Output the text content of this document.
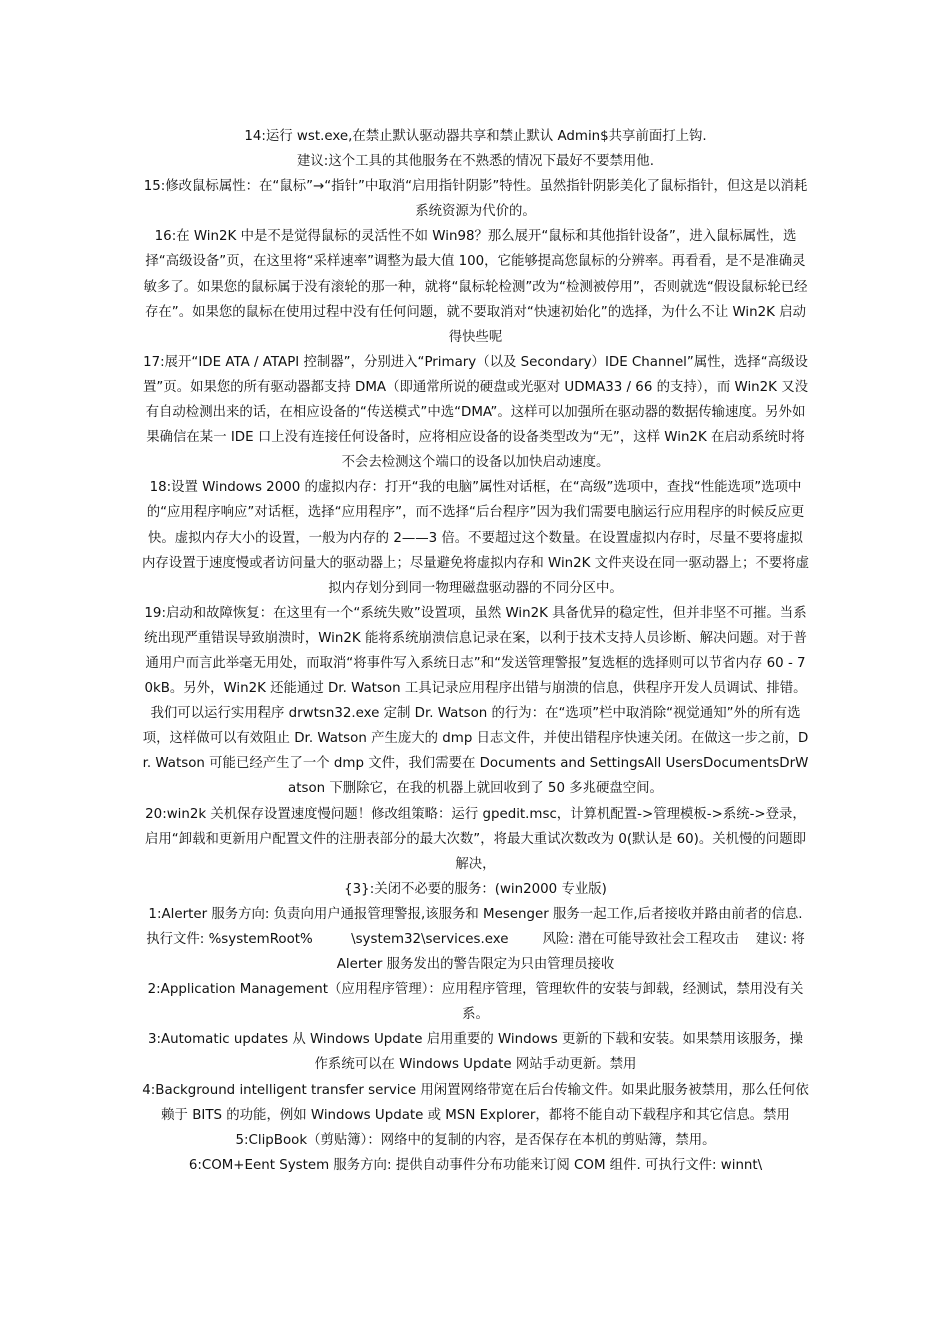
14:运行 wst.exe,在禁止默认驱动器共享和禁止默认 Admin$共享前面打上钩.

建议:这个工具的其他服务在不熟悉的情况下最好不要禁用他.

15:修改鼠标属性：在“鼠标”→“指针”中取消“启用指针阴影”特性。虽然指针阴影美化了鼠标指针，但这是以消耗系统资源为代价的。

16:在 Win2K 中是不是觉得鼠标的灵活性不如 Win98？那么展开“鼠标和其他指针设备”，进入鼠标属性，选择“高级设备”页，在这里将“采样速率”调整为最大值 100，它能够提高您鼠标的分辨率。再看看，是不是准确灵敏多了。如果您的鼠标属于没有滚轮的那一种，就将“鼠标轮检测”改为“检测被停用”，否则就选“假设鼠标轮已经存在”。如果您的鼠标在使用过程中没有任何问题，就不要取消对“快速初始化”的选择，为什么不让 Win2K 启动得快些呢

17:展开“IDE ATA / ATAPI 控制器”，分别进入“Primary（以及 Secondary）IDE Channel”属性，选择“高级设置”页。如果您的所有驱动器都支持 DMA（即通常所说的硬盘或光驱对 UDMA33 / 66 的支持），而 Win2K 又没有自动检测出来的话，在相应设备的“传送模式”中选“DMA”。这样可以加强所在驱动器的数据传输速度。另外如果确信在某一 IDE 口上没有连接任何设备时，应将相应设备的设备类型改为“无”，这样 Win2K 在启动系统时将不会去检测这个端口的设备以加快启动速度。

18:设置 Windows 2000 的虚拟内存：打开“我的电脑”属性对话框，在“高级”选项中，查找“性能选项”选项中的“应用程序响应”对话框，选择“应用程序”，而不选择“后台程序”因为我们需要电脑运行应用程序的时候反应更快。虚拟内存大小的设置，一般为内存的 2——3 倍。不要超过这个数量。在设置虚拟内存时，尽量不要将虚拟内存设置于速度慢或者访问量大的驱动器上；尽量避免将虚拟内存和 Win2K 文件夹设在同一驱动器上；不要将虚拟内存划分到同一物理磁盘驱动器的不同分区中。

19:启动和故障恢复：在这里有一个“系统失败”设置项，虽然 Win2K 具备优异的稳定性，但并非坚不可摧。当系统出现严重错误导致崩溃时，Win2K 能将系统崩溃信息记录在案，以利于技术支持人员诊断、解决问题。对于普通用户而言此举毫无用处，而取消“将事件写入系统日志”和“发送管理警报”复选框的选择则可以节省内存 60 - 70kB。另外，Win2K 还能通过 Dr. Watson 工具记录应用程序出错与崩溃的信息，供程序开发人员调试、排错。我们可以运行实用程序 drwtsn32.exe 定制 Dr. Watson 的行为：在“选项”栏中取消除“视觉通知”外的所有选项，这样做可以有效阻止 Dr. Watson 产生庞大的 dmp 日志文件，并使出错程序快速关闭。在做这一步之前，Dr. Watson 可能已经产生了一个 dmp 文件，我们需要在 Documents and SettingsAll UsersDocumentsDrWatson 下删除它，在我的机器上就回收到了 50 多兆硬盘空间。

20:win2k 关机保存设置速度慢问题！修改组策略：运行 gpedit.msc，计算机配置->管理模板->系统->登录，启用“卸载和更新用户配置文件的注册表部分的最大次数”，将最大重试次数改为 0(默认是 60)。关机慢的问题即解决，

{3}:关闭不必要的服务：(win2000 专业版)

1:Alerter 服务方向: 负责向用户通报管理警报,该服务和 Mesenger 服务一起工作,后者接收并路由前者的信息. 执行文件: %systemRoot%         \system32\services.exe        风险: 潜在可能导致社会工程攻击    建议: 将 Alerter 服务发出的警告限定为只由管理员接收

2:Application Management（应用程序管理）：应用程序管理，管理软件的安装与卸载，经测试，禁用没有关系。

3:Automatic updates 从 Windows Update 启用重要的 Windows 更新的下载和安装。如果禁用该服务，操作系统可以在 Windows Update 网站手动更新。禁用

4:Background intelligent transfer service 用闲置网络带宽在后台传输文件。如果此服务被禁用，那么任何依赖于 BITS 的功能，例如 Windows Update 或 MSN Explorer，都将不能自动下载程序和其它信息。禁用

5:ClipBook（剪贴簿）：网络中的复制的内容，是否保存在本机的剪贴簿，禁用。

6:COM+Eent System 服务方向: 提供自动事件分布功能来订阅 COM 组件. 可执行文件: winnt\
